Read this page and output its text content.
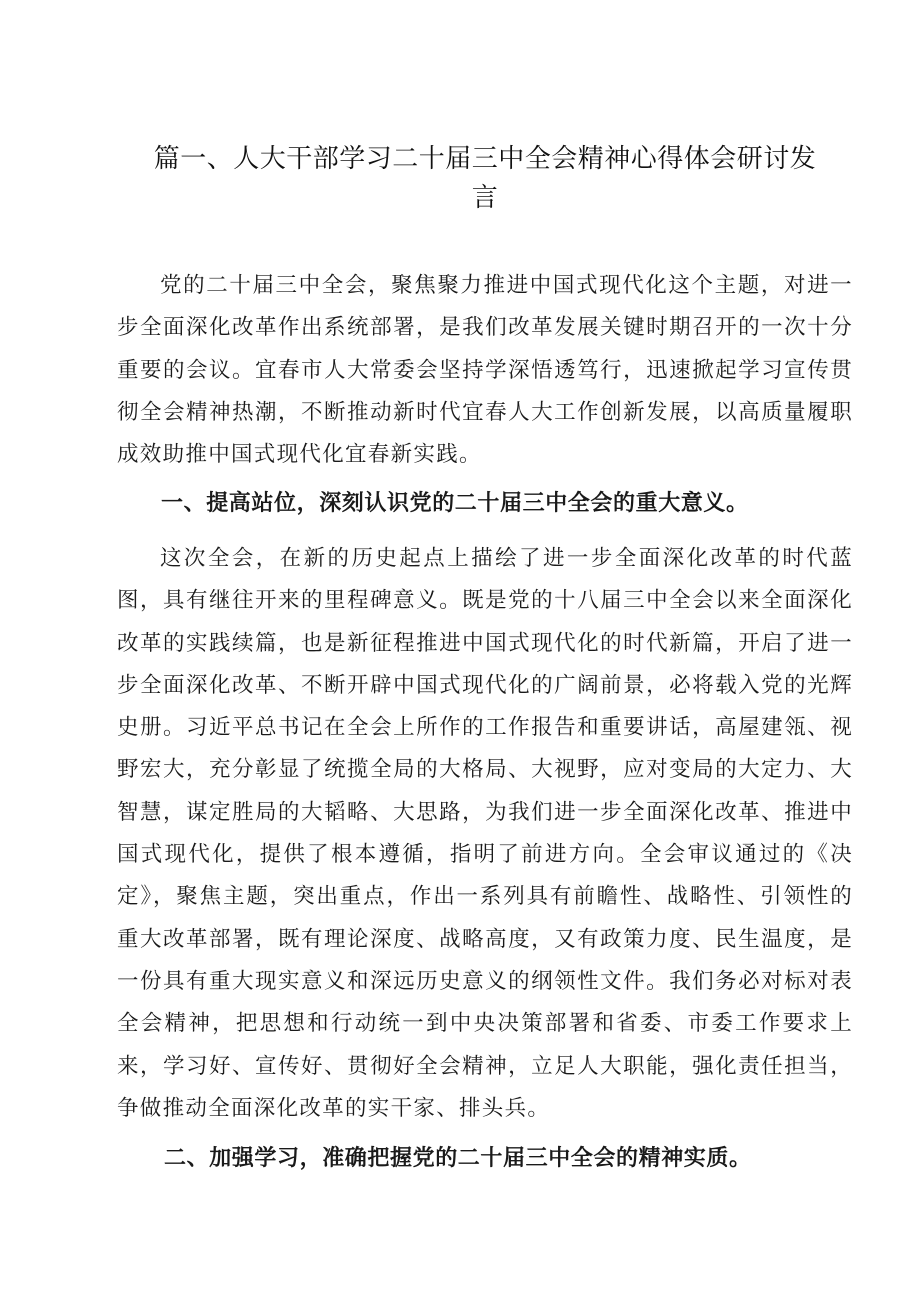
篇一、人大干部学习二十届三中全会精神心得体会研讨发
言

党的二十届三中全会，聚焦聚力推进中国式现代化这个主题，对进一步全面深化改革作出系统部署，是我们改革发展关键时期召开的一次十分重要的会议。宜春市人大常委会坚持学深悟透笃行，迅速掀起学习宣传贯彻全会精神热潮，不断推动新时代宜春人大工作创新发展，以高质量履职成效助推中国式现代化宜春新实践。

一、提高站位，深刻认识党的二十届三中全会的重大意义。

这次全会，在新的历史起点上描绘了进一步全面深化改革的时代蓝图，具有继往开来的里程碑意义。既是党的十八届三中全会以来全面深化改革的实践续篇，也是新征程推进中国式现代化的时代新篇，开启了进一步全面深化改革、不断开辟中国式现代化的广阔前景，必将载入党的光辉史册。习近平总书记在全会上所作的工作报告和重要讲话，高屋建瓴、视野宏大，充分彰显了统揽全局的大格局、大视野，应对变局的大定力、大智慧，谋定胜局的大韬略、大思路，为我们进一步全面深化改革、推进中国式现代化，提供了根本遵循，指明了前进方向。全会审议通过的《决定》，聚焦主题，突出重点，作出一系列具有前瞻性、战略性、引领性的重大改革部署，既有理论深度、战略高度，又有政策力度、民生温度，是一份具有重大现实意义和深远历史意义的纲领性文件。我们务必对标对表全会精神，把思想和行动统一到中央决策部署和省委、市委工作要求上来，学习好、宣传好、贯彻好全会精神，立足人大职能，强化责任担当，争做推动全面深化改革的实干家、排头兵。

二、加强学习，准确把握党的二十届三中全会的精神实质。
